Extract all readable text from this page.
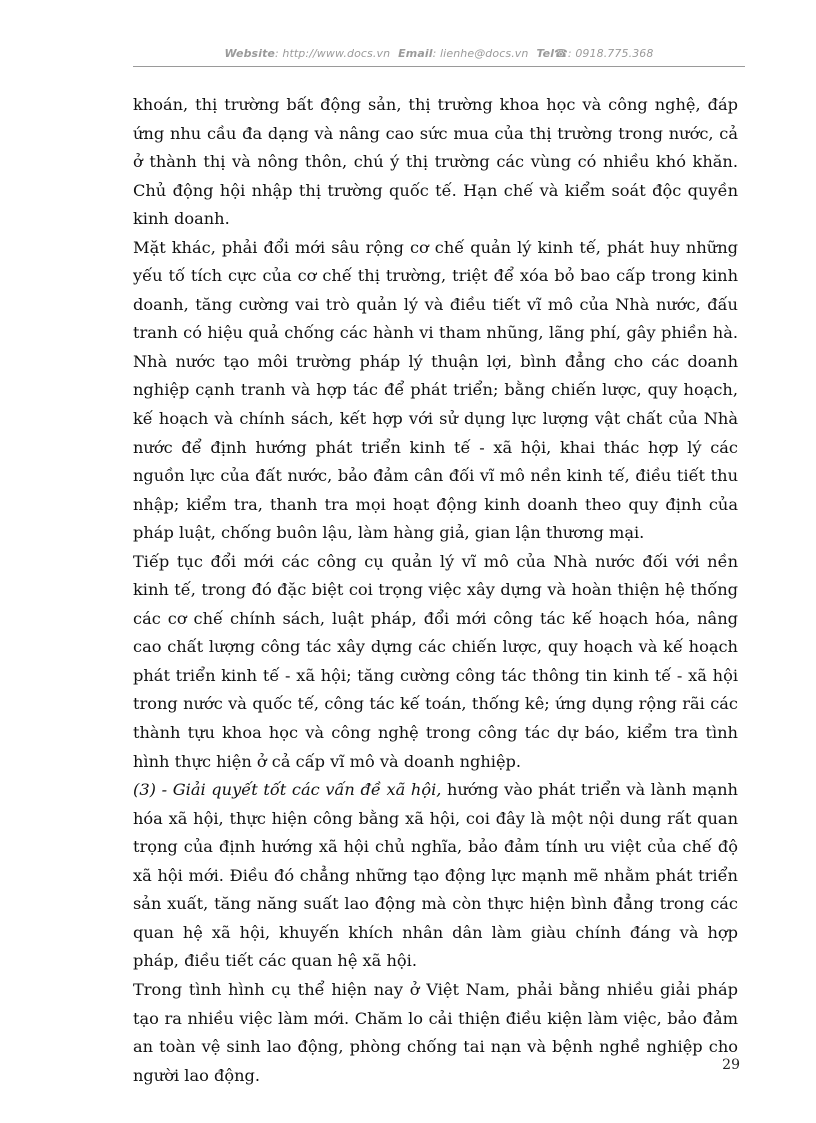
Website: http://www.docs.vn Email: lienhe@docs.vn Tel☎: 0918.775.368

khoán, thị trường bất động sản, thị trường khoa học và công nghệ, đáp ứng nhu cầu đa dạng và nâng cao sức mua của thị trường trong nước, cả ở thành thị và nông thôn, chú ý thị trường các vùng có nhiều khó khăn. Chủ động hội nhập thị trường quốc tế. Hạn chế và kiểm soát độc quyền kinh doanh.

Mặt khác, phải đổi mới sâu rộng cơ chế quản lý kinh tế, phát huy những yếu tố tích cực của cơ chế thị trường, triệt để xóa bỏ bao cấp trong kinh doanh, tăng cường vai trò quản lý và điều tiết vĩ mô của Nhà nước, đấu tranh có hiệu quả chống các hành vi tham nhũng, lãng phí, gây phiền hà. Nhà nước tạo môi trường pháp lý thuận lợi, bình đẳng cho các doanh nghiệp cạnh tranh và hợp tác để phát triển; bằng chiến lược, quy hoạch, kế hoạch và chính sách, kết hợp với sử dụng lực lượng vật chất của Nhà nước để định hướng phát triển kinh tế - xã hội, khai thác hợp lý các nguồn lực của đất nước, bảo đảm cân đối vĩ mô nền kinh tế, điều tiết thu nhập; kiểm tra, thanh tra mọi hoạt động kinh doanh theo quy định của pháp luật, chống buôn lậu, làm hàng giả, gian lận thương mại.

Tiếp tục đổi mới các công cụ quản lý vĩ mô của Nhà nước đối với nền kinh tế, trong đó đặc biệt coi trọng việc xây dựng và hoàn thiện hệ thống các cơ chế chính sách, luật pháp, đổi mới công tác kế hoạch hóa, nâng cao chất lượng công tác xây dựng các chiến lược, quy hoạch và kế hoạch phát triển kinh tế - xã hội; tăng cường công tác thông tin kinh tế - xã hội trong nước và quốc tế, công tác kế toán, thống kê; ứng dụng rộng rãi các thành tựu khoa học và công nghệ trong công tác dự báo, kiểm tra tình hình thực hiện ở cả cấp vĩ mô và doanh nghiệp.

(3) - Giải quyết tốt các vấn đề xã hội, hướng vào phát triển và lành mạnh hóa xã hội, thực hiện công bằng xã hội, coi đây là một nội dung rất quan trọng của định hướng xã hội chủ nghĩa, bảo đảm tính ưu việt của chế độ xã hội mới. Điều đó chẳng những tạo động lực mạnh mẽ nhằm phát triển sản xuất, tăng năng suất lao động mà còn thực hiện bình đẳng trong các quan hệ xã hội, khuyến khích nhân dân làm giàu chính đáng và hợp pháp, điều tiết các quan hệ xã hội.

Trong tình hình cụ thể hiện nay ở Việt Nam, phải bằng nhiều giải pháp tạo ra nhiều việc làm mới. Chăm lo cải thiện điều kiện làm việc, bảo đảm an toàn vệ sinh lao động, phòng chống tai nạn và bệnh nghề nghiệp cho người lao động.

29
